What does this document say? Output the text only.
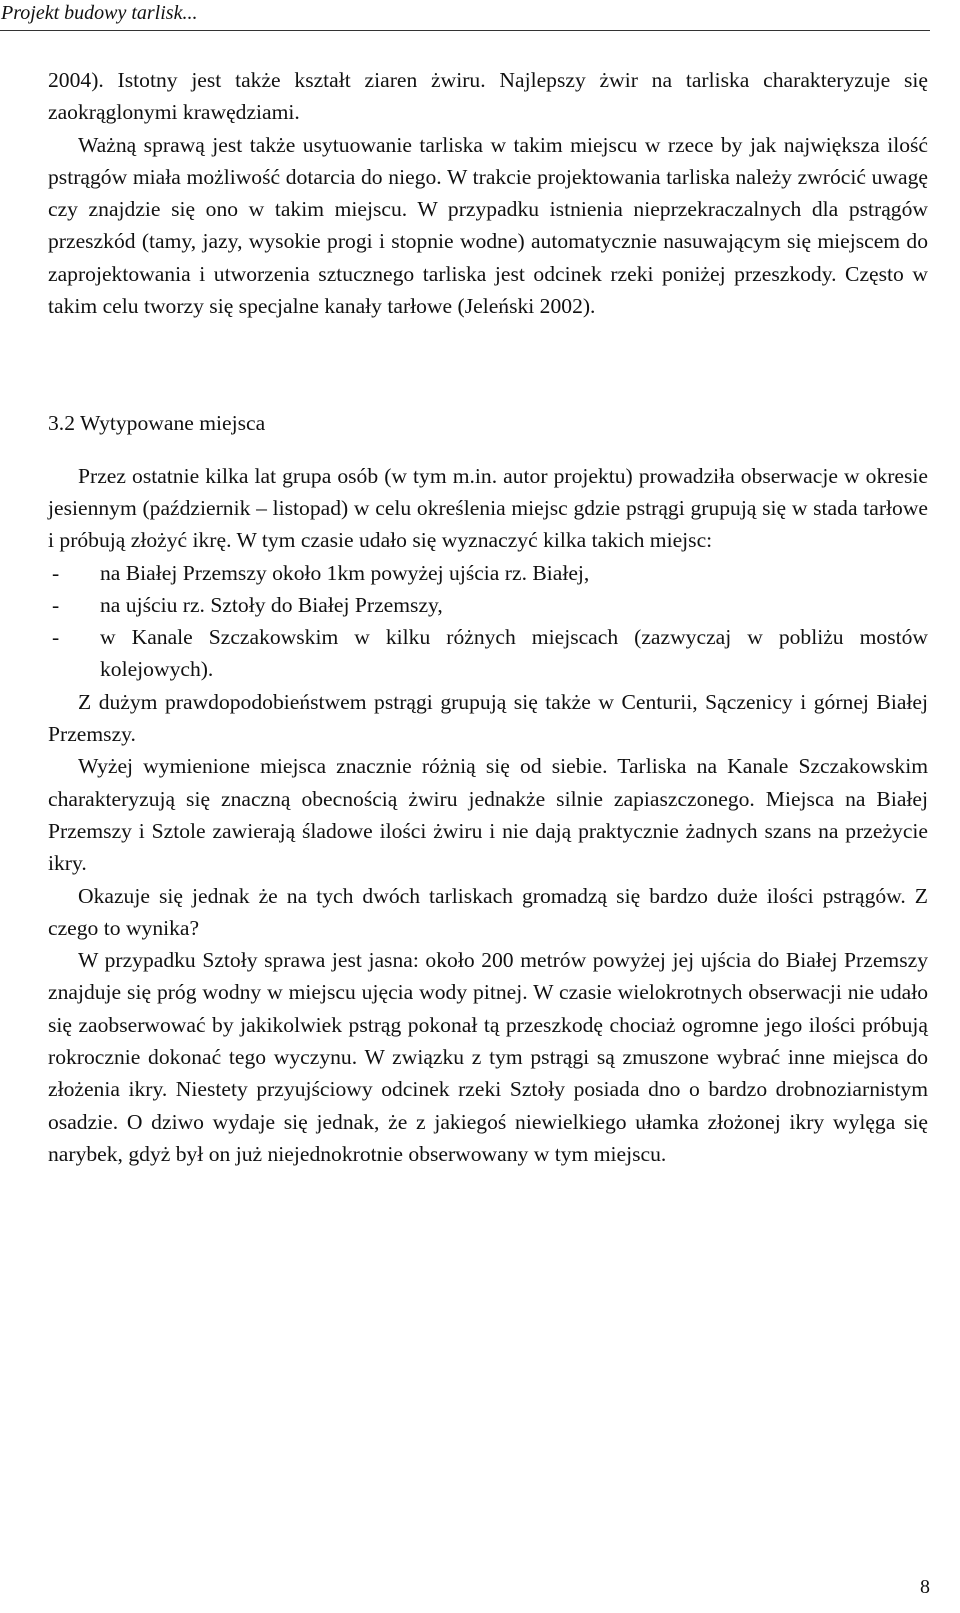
Projekt budowy tarlisk...

2004). Istotny jest także kształt ziaren żwiru. Najlepszy żwir na tarliska charakteryzuje się zaokrąglonymi krawędziami.

Ważną sprawą jest także usytuowanie tarliska w takim miejscu w rzece by jak największa ilość pstrągów miała możliwość dotarcia do niego. W trakcie projektowania tarliska należy zwrócić uwagę czy znajdzie się ono w takim miejscu. W przypadku istnienia nieprzekraczalnych dla pstrągów przeszkód (tamy, jazy, wysokie progi i stopnie wodne) automatycznie nasuwającym się miejscem do zaprojektowania i utworzenia sztucznego tarliska jest odcinek rzeki poniżej przeszkody. Często w takim celu tworzy się specjalne kanały tarłowe (Jeleński 2002).

3.2 Wytypowane miejsca

Przez ostatnie kilka lat grupa osób (w tym m.in. autor projektu) prowadziła obserwacje w okresie jesiennym (październik – listopad) w celu określenia miejsc gdzie pstrągi grupują się w stada tarłowe i próbują złożyć ikrę. W tym czasie udało się wyznaczyć kilka takich miejsc:

- na Białej Przemszy około 1km powyżej ujścia rz. Białej,

- na ujściu rz. Sztoły do Białej Przemszy,

- w Kanale Szczakowskim w kilku różnych miejscach (zazwyczaj w pobliżu mostów kolejowych).

Z dużym prawdopodobieństwem pstrągi grupują się także w Centurii, Sączenicy i górnej Białej Przemszy.

Wyżej wymienione miejsca znacznie różnią się od siebie. Tarliska na Kanale Szczakowskim charakteryzują się znaczną obecnością żwiru jednakże silnie zapiaszczonego. Miejsca na Białej Przemszy i Sztole zawierają śladowe ilości żwiru i nie dają praktycznie żadnych szans na przeżycie ikry.

Okazuje się jednak że na tych dwóch tarliskach gromadzą się bardzo duże ilości pstrągów. Z czego to wynika?

W przypadku Sztoły sprawa jest jasna: około 200 metrów powyżej jej ujścia do Białej Przemszy znajduje się próg wodny w miejscu ujęcia wody pitnej. W czasie wielokrotnych obserwacji nie udało się zaobserwować by jakikolwiek pstrąg pokonał tą przeszkodę chociaż ogromne jego ilości próbują rokrocznie dokonać tego wyczynu. W związku z tym pstrągi są zmuszone wybrać inne miejsca do złożenia ikry. Niestety przyujściowy odcinek rzeki Sztoły posiada dno o bardzo drobnoziarnistym osadzie. O dziwo wydaje się jednak, że z jakiegoś niewielkiego ułamka złożonej ikry wylęga się narybek, gdyż był on już niejednokrotnie obserwowany w tym miejscu.

8
